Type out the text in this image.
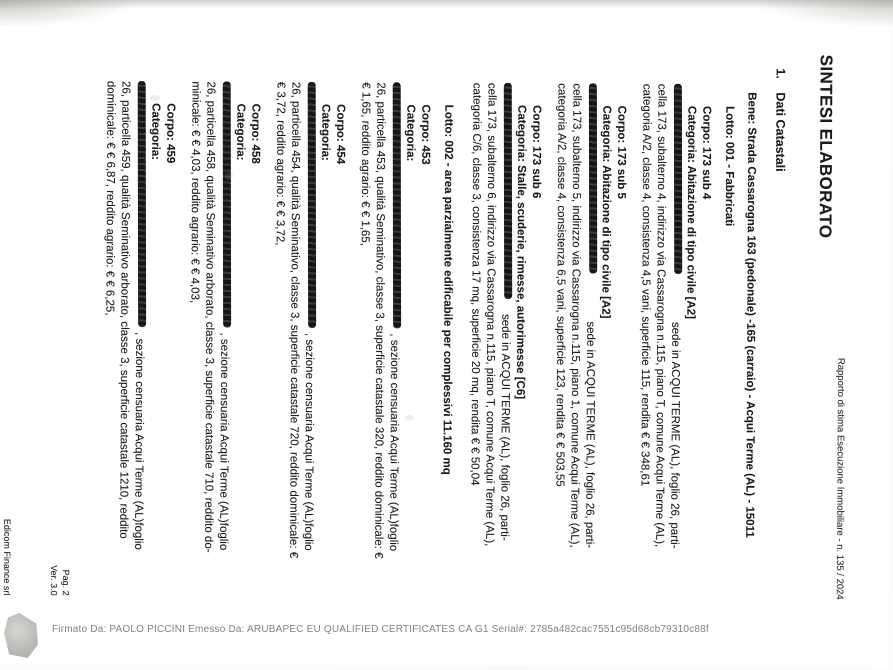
Rapporto di stima Esecuzione Immobiliare - n. 135 / 2024
SINTESI ELABORATO
1.Dati Catastali
Bene: Strada Cassarogna 163 (pedonale) -165 (carraio) - Acqui Terme (AL) - 15011
Lotto: 001 - Fabbricati
Corpo: 173 sub 4
Categoria: Abitazione di tipo civile [A2]
sede in ACQUI TERME (AL), foglio 26, parti-
cella 173, subalterno 4, indirizzo via Cassarogna n.115, piano T, comune Acqui Terme (AL),
categoria A/2, classe 4, consistenza 4,5 vani, superficie 115, rendita € € 348,61
Corpo: 173 sub 5
Categoria: Abitazione di tipo civile [A2]
sede in ACQUI TERME (AL), foglio 26, parti-
cella 173, subalterno 5, indirizzo via Cassarogna n.115, piano 1, comune Acqui Terme (AL),
categoria A/2, classe 4, consistenza 6,5 vani, superficie 123, rendita € € 503,55
Corpo: 173 sub 6
Categoria: Stalle, scuderie, rimesse, autorimesse [C6]
sede in ACQUI TERME (AL), foglio 26, parti-
cella 173, subalterno 6, indirizzo via Cassarogna n.115, piano T, comune Acqui Terme (AL),
categoria C/6, classe 3, consistenza 17 mq, superficie 20 mq, rendita € € 50,04
Lotto: 002 - area parzialmente edificabile per complessivi 11.160 mq
Corpo: 453
Categoria:
, sezione censuaria Acqui Terme (AL)foglio
26, particella 453, qualità Seminativo, classe 3, superficie catastale 320, reddito dominicale: €
€ 1,65, reddito agrario: € € 1,65,
Corpo: 454
Categoria:
, sezione censuaria Acqui Terme (AL)foglio
26, particella 454, qualità Seminativo, classe 3, superficie catastale 720, reddito dominicale: €
€ 3,72, reddito agrario: € € 3,72,
Corpo: 458
Categoria:
, sezione censuaria Acqui Terme (AL)foglio
26, particella 458, qualità Seminativo arborato, classe 3, superficie catastale 710, reddito do-
minicale: € € 4,03, reddito agrario: € € 4,03,
Corpo: 459
Categoria:
, sezione censuaria Acqui Terme (AL)foglio
26, particella 459, qualità Seminativo arborato, classe 3, superficie catastale 1210, reddito
dominicale: € € 6,87, reddito agrario: € € 6,25,
Pag. 2
Ver. 3.0
Edicom Finance srl
Firmato Da: PAOLO PICCINI Emesso Da: ARUBAPEC EU QUALIFIED CERTIFICATES CA G1 Serial#: 2785a482cac7551c95d68cb79310c88f
